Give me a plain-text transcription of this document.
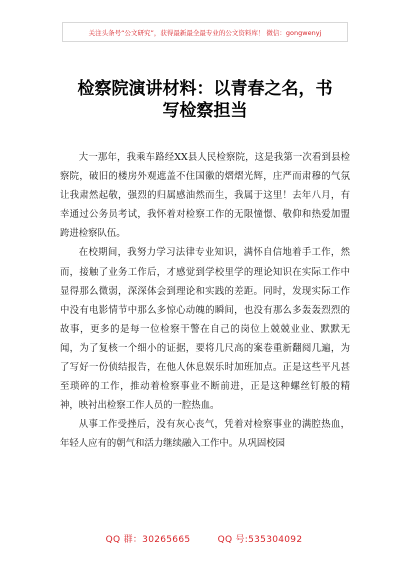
关注头条号“公文研究”，获得最新最全最专业的公文资料库！ 微信：gongwenyj
检察院演讲材料：以青春之名，书
写检察担当

大一那年，我乘车路经XX县人民检察院，这是我第一次看到县检察院，破旧的楼房外观遮盖不住国徽的熠熠光辉，庄严而肃穆的气氛让我肃然起敬，强烈的归属感油然而生，我属于这里！去年八月，有幸通过公务员考试，我怀着对检察工作的无限憧憬、敬仰和热爱加盟跨进检察队伍。

在校期间，我努力学习法律专业知识，满怀自信地着手工作，然而，接触了业务工作后，才感觉到学校里学的理论知识在实际工作中显得那么微弱，深深体会到理论和实践的差距。同时，发现实际工作中没有电影情节中那么多惊心动魄的瞬间，也没有那么多轰轰烈烈的故事，更多的是每一位检察干警在自己的岗位上兢兢业业、默默无闻，为了复核一个细小的证据，要将几尺高的案卷重新翻阅几遍，为了写好一份侦结报告，在他人休息娱乐时加班加点。正是这些平凡甚至琐碎的工作，推动着检察事业不断前进，正是这种螺丝钉般的精神，映衬出检察工作人员的一腔热血。

从事工作受挫后，没有灰心丧气，凭着对检察事业的满腔热血，年轻人应有的朝气和活力继续融入工作中。从巩固校园

QQ 群：30265665	QQ 号:535304092
